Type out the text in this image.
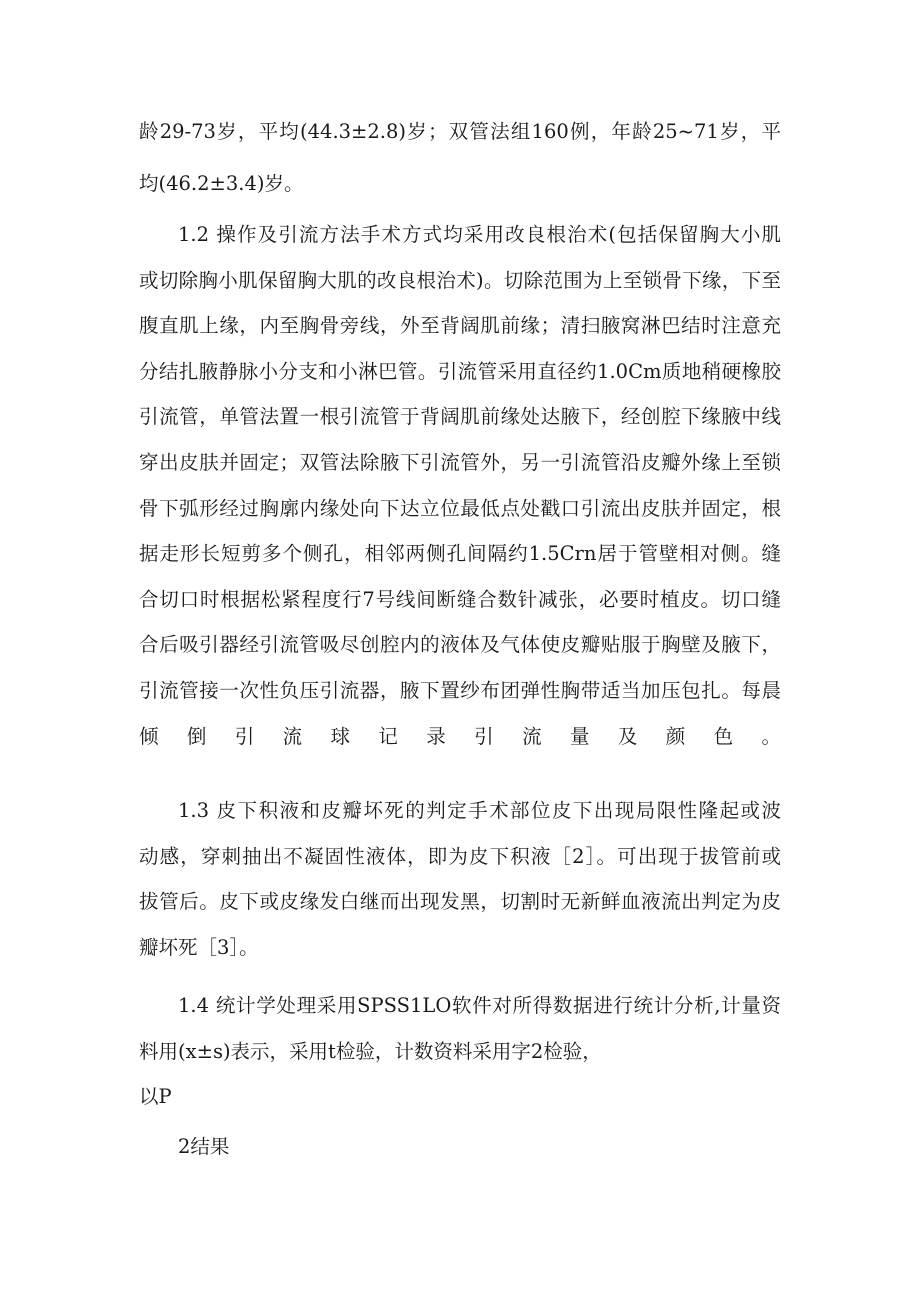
龄29-73岁，平均(44.3±2.8)岁；双管法组160例，年龄25~71岁，平
均(46.2±3.4)岁。
1.2 操作及引流方法手术方式均采用改良根治术(包括保留胸大小肌
或切除胸小肌保留胸大肌的改良根治术)。切除范围为上至锁骨下缘，下至
腹直肌上缘，内至胸骨旁线，外至背阔肌前缘；清扫腋窝淋巴结时注意充
分结扎腋静脉小分支和小淋巴管。引流管采用直径约1.0Cm质地稍硬橡胶
引流管，单管法置一根引流管于背阔肌前缘处达腋下，经创腔下缘腋中线
穿出皮肤并固定；双管法除腋下引流管外，另一引流管沿皮瓣外缘上至锁
骨下弧形经过胸廓内缘处向下达立位最低点处戳口引流出皮肤并固定，根
据走形长短剪多个侧孔，相邻两侧孔间隔约1.5Crn居于管壁相对侧。缝
合切口时根据松紧程度行7号线间断缝合数针减张，必要时植皮。切口缝
合后吸引器经引流管吸尽创腔内的液体及气体使皮瓣贴服于胸壁及腋下，
引流管接一次性负压引流器，腋下置纱布团弹性胸带适当加压包扎。每晨
倾倒引流球记录引流量及颜色。
1.3 皮下积液和皮瓣坏死的判定手术部位皮下出现局限性隆起或波
动感，穿刺抽出不凝固性液体，即为皮下积液［2］。可出现于拔管前或
拔管后。皮下或皮缘发白继而出现发黑，切割时无新鲜血液流出判定为皮
瓣坏死［3］。
1.4 统计学处理采用SPSS1LO软件对所得数据进行统计分析,计量资
料用(x±s)表示，采用t检验，计数资料采用字2检验，
以P
2结果
